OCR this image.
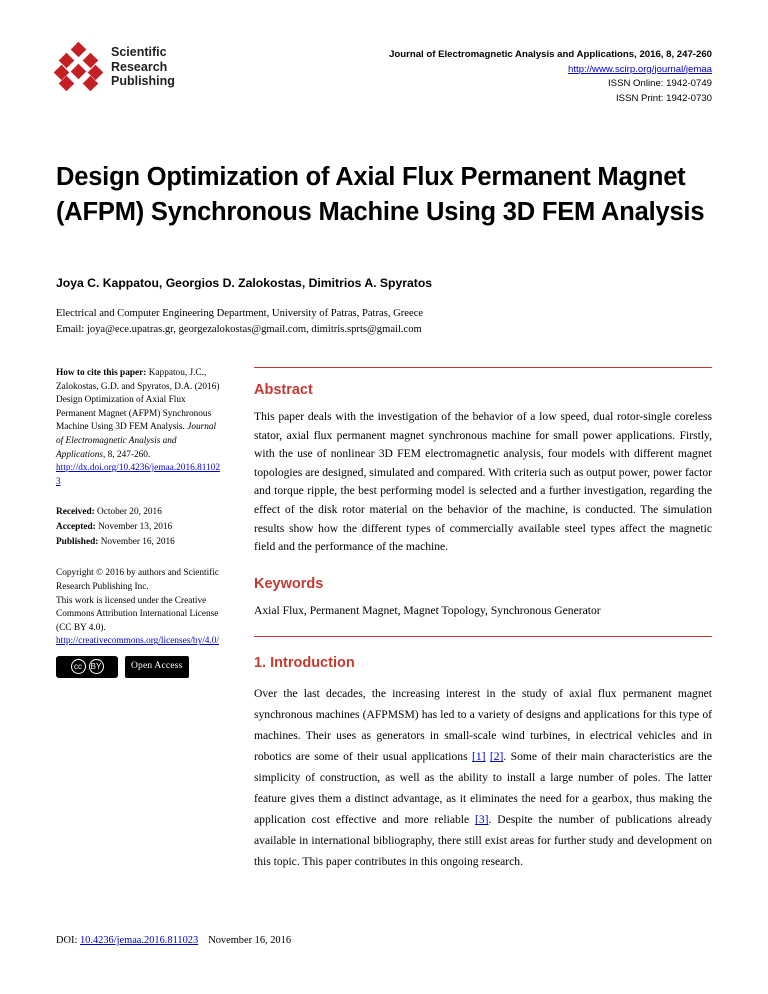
Scientific
Research
Publishing
Journal of Electromagnetic Analysis and Applications, 2016, 8, 247-260
http://www.scirp.org/journal/jemaa
ISSN Online: 1942-0749
ISSN Print: 1942-0730
Design Optimization of Axial Flux Permanent Magnet (AFPM) Synchronous Machine Using 3D FEM Analysis
Joya C. Kappatou, Georgios D. Zalokostas, Dimitrios A. Spyratos
Electrical and Computer Engineering Department, University of Patras, Patras, Greece
Email: joya@ece.upatras.gr, georgezalokostas@gmail.com, dimitris.sprts@gmail.com
How to cite this paper: Kappatou, J.C., Zalokostas, G.D. and Spyratos, D.A. (2016) Design Optimization of Axial Flux Permanent Magnet (AFPM) Synchronous Machine Using 3D FEM Analysis. Journal of Electromagnetic Analysis and Applications, 8, 247-260.
http://dx.doi.org/10.4236/jemaa.2016.811023
Received: October 20, 2016
Accepted: November 13, 2016
Published: November 16, 2016
Copyright © 2016 by authors and Scientific Research Publishing Inc.
This work is licensed under the Creative Commons Attribution International License (CC BY 4.0).
http://creativecommons.org/licenses/by/4.0/
cc	BY	Open Access
Abstract

This paper deals with the investigation of the behavior of a low speed, dual rotor-single coreless stator, axial flux permanent magnet synchronous machine for small power applications. Firstly, with the use of nonlinear 3D FEM electromagnetic analysis, four models with different magnet topologies are designed, simulated and compared. With criteria such as output power, power factor and torque ripple, the best performing model is selected and a further investigation, regarding the effect of the disk rotor material on the behavior of the machine, is conducted. The simulation results show how the different types of commercially available steel types affect the magnetic field and the performance of the machine.

Keywords

Axial Flux, Permanent Magnet, Magnet Topology, Synchronous Generator

1. Introduction

Over the last decades, the increasing interest in the study of axial flux permanent magnet synchronous machines (AFPMSM) has led to a variety of designs and applications for this type of machines. Their uses as generators in small-scale wind turbines, in electrical vehicles and in robotics are some of their usual applications [1] [2]. Some of their main characteristics are the simplicity of construction, as well as the ability to install a large number of poles. The latter feature gives them a distinct advantage, as it eliminates the need for a gearbox, thus making the application cost effective and more reliable [3]. Despite the number of publications already available in international bibliography, there still exist areas for further study and development on this topic. This paper contributes in this ongoing research.

DOI: 10.4236/jemaa.2016.811023 November 16, 2016
